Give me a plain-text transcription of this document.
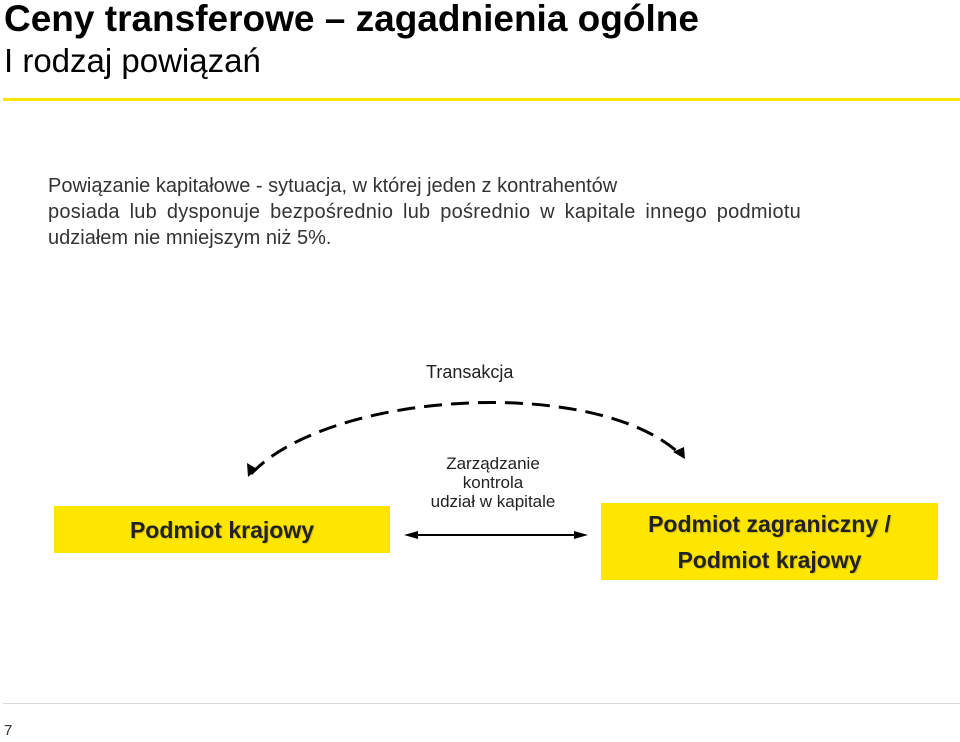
Ceny transferowe – zagadnienia ogólne
I rodzaj powiązań

Powiązanie kapitałowe - sytuacja, w której jeden z kontrahentów

posiada lub dysponuje bezpośrednio lub pośrednio w kapitale innego podmiotu

udziałem nie mniejszym niż 5%.

Transakcja
Zarządzanie
kontrola
udział w kapitale
Podmiot krajowy	Podmiot zagraniczny /
Podmiot krajowy
7
